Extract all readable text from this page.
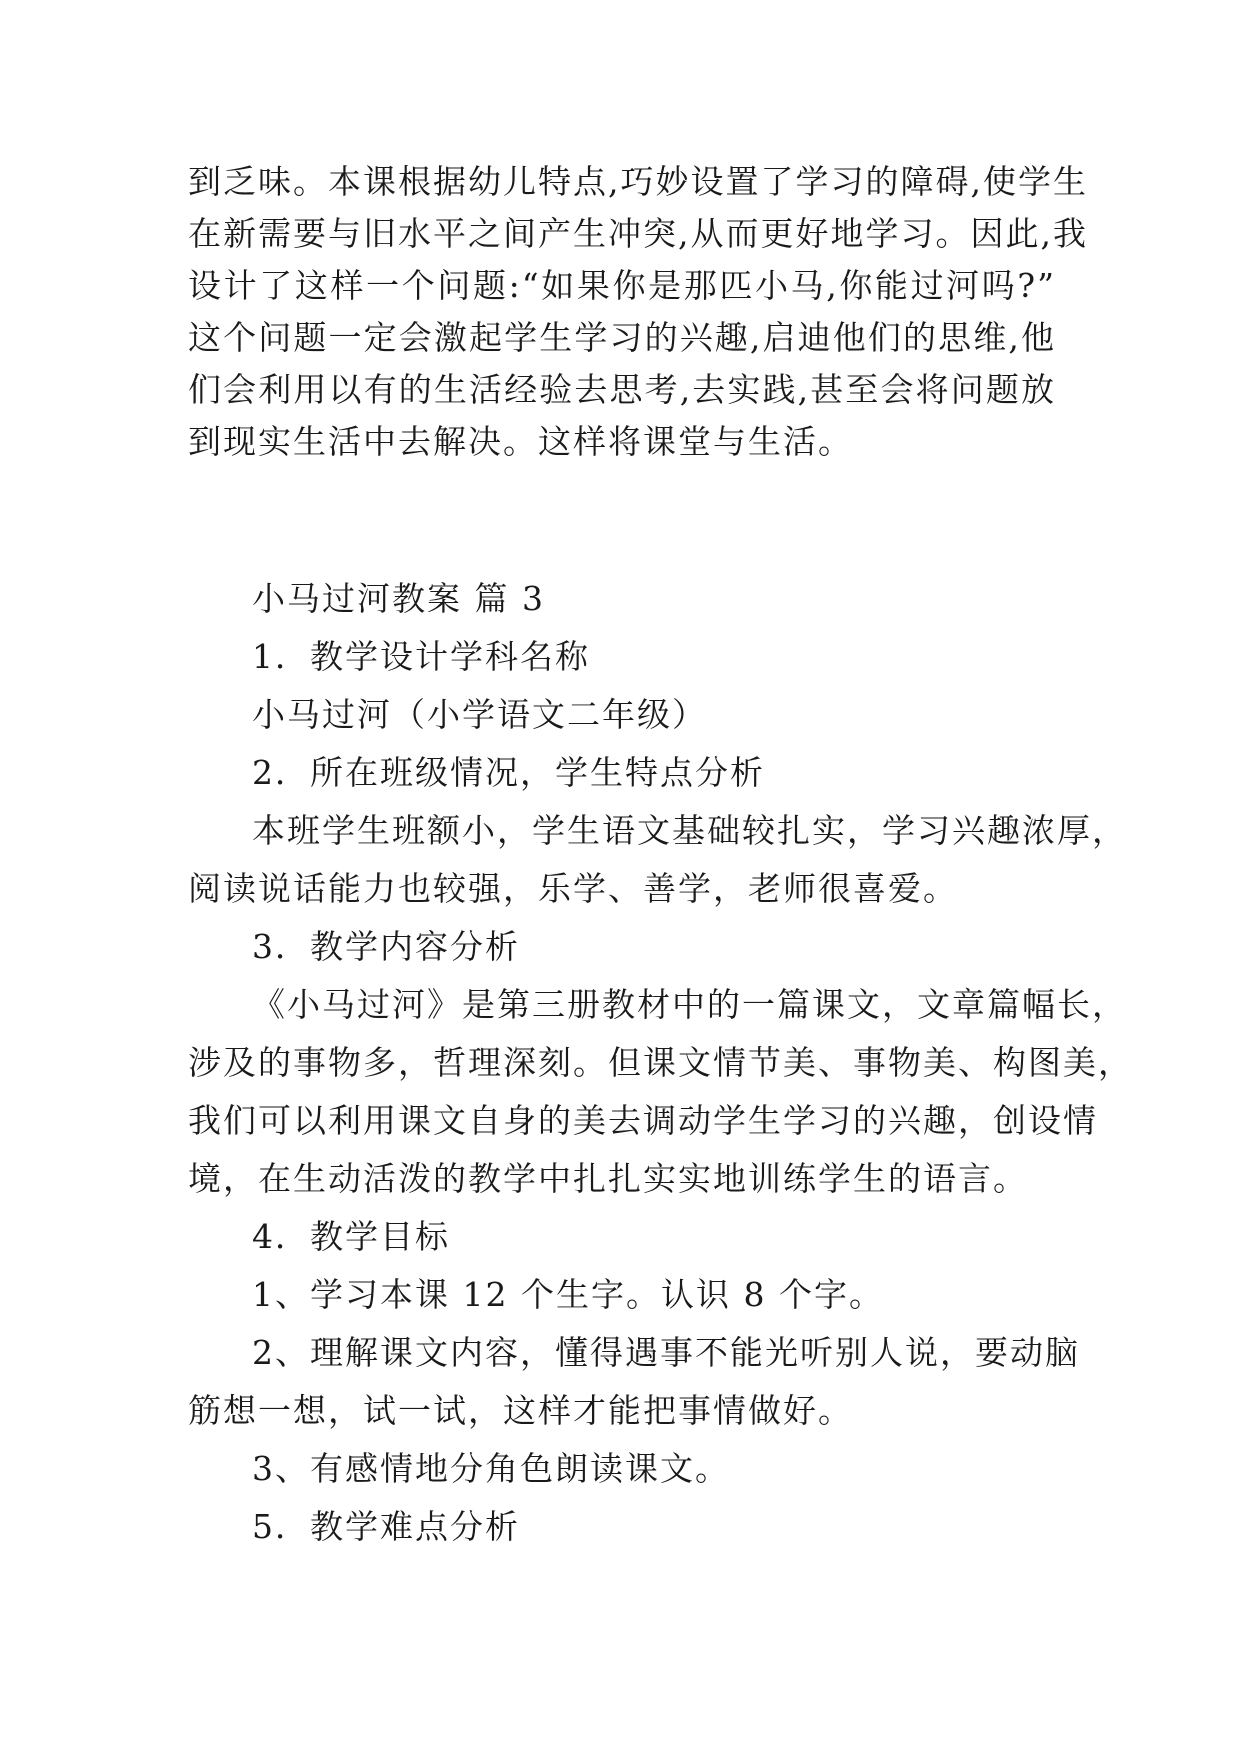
到乏味。本课根据幼儿特点,巧妙设置了学习的障碍,使学生
在新需要与旧水平之间产生冲突,从而更好地学习。因此,我
设计了这样一个问题:“如果你是那匹小马,你能过河吗?”
这个问题一定会激起学生学习的兴趣,启迪他们的思维,他
们会利用以有的生活经验去思考,去实践,甚至会将问题放
到现实生活中去解决。这样将课堂与生活。
小马过河教案 篇 3
1．教学设计学科名称
小马过河（小学语文二年级）
2．所在班级情况，学生特点分析
本班学生班额小，学生语文基础较扎实，学习兴趣浓厚，
阅读说话能力也较强，乐学、善学，老师很喜爱。
3．教学内容分析
《小马过河》是第三册教材中的一篇课文，文章篇幅长，
涉及的事物多，哲理深刻。但课文情节美、事物美、构图美，
我们可以利用课文自身的美去调动学生学习的兴趣，创设情
境，在生动活泼的教学中扎扎实实地训练学生的语言。
4．教学目标
1、学习本课 12 个生字。认识 8 个字。
2、理解课文内容，懂得遇事不能光听别人说，要动脑
筋想一想，试一试，这样才能把事情做好。
3、有感情地分角色朗读课文。
5．教学难点分析
